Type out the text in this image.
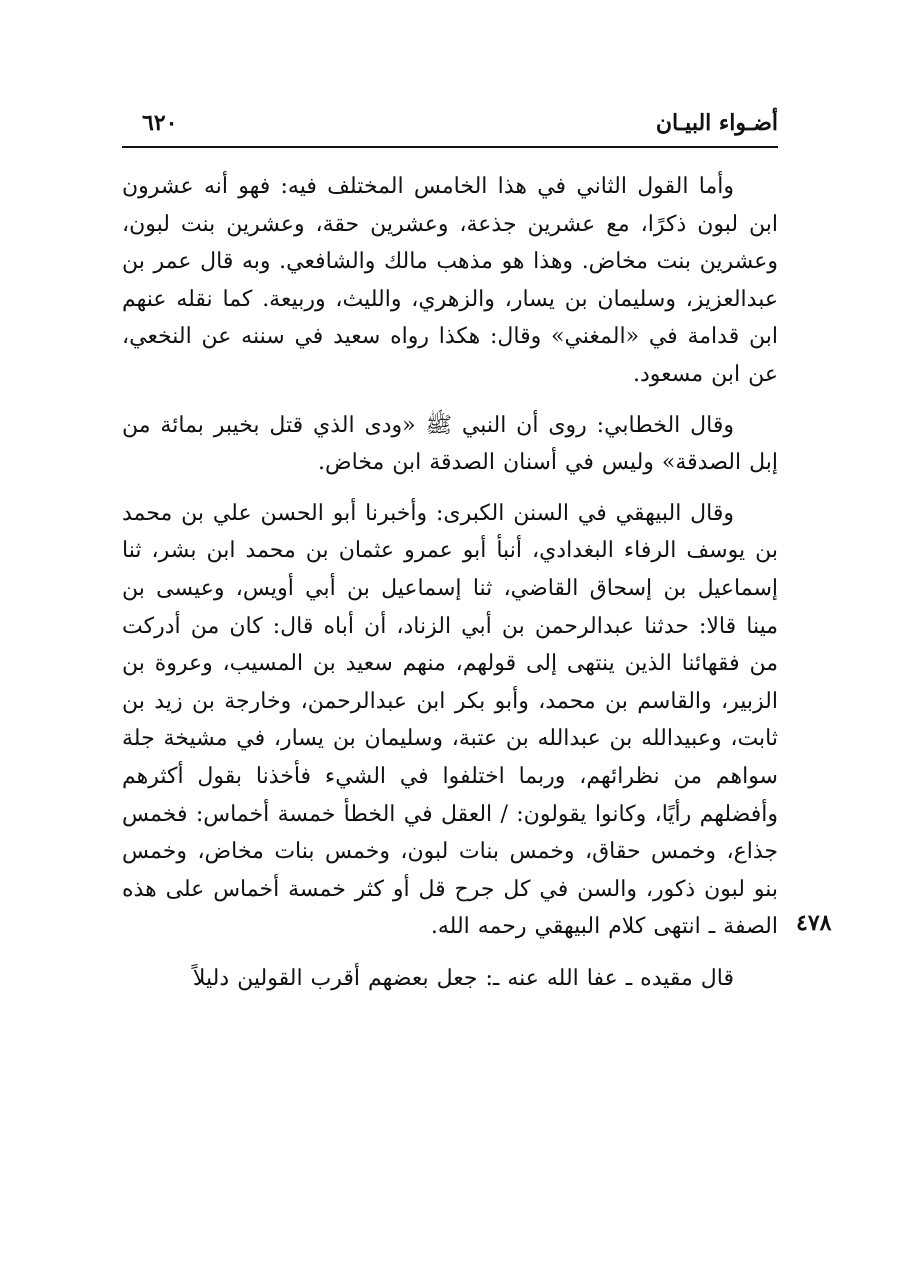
أضـواء البيـان
٦٢٠

وأما القول الثاني في هذا الخامس المختلف فيه: فهو أنه عشرون ابن لبون ذكرًا، مع عشرين جذعة، وعشرين حقة، وعشرين بنت لبون، وعشرين بنت مخاض. وهذا هو مذهب مالك والشافعي. وبه قال عمر بن عبدالعزيز، وسليمان بن يسار، والزهري، والليث، وربيعة. كما نقله عنهم ابن قدامة في «المغني» وقال: هكذا رواه سعيد في سننه عن النخعي، عن ابن مسعود.

وقال الخطابي: روى أن النبي ﷺ «ودى الذي قتل بخيبر بمائة من إبل الصدقة» وليس في أسنان الصدقة ابن مخاض.

وقال البيهقي في السنن الكبرى: وأخبرنا أبو الحسن علي بن محمد بن يوسف الرفاء البغدادي، أنبأ أبو عمرو عثمان بن محمد ابن بشر، ثنا إسماعيل بن إسحاق القاضي، ثنا إسماعيل بن أبي أويس، وعيسى بن مينا قالا: حدثنا عبدالرحمن بن أبي الزناد، أن أباه قال: كان من أدركت من فقهائنا الذين ينتهى إلى قولهم، منهم سعيد بن المسيب، وعروة بن الزبير، والقاسم بن محمد، وأبو بكر ابن عبدالرحمن، وخارجة بن زيد بن ثابت، وعبيدالله بن عبدالله بن عتبة، وسليمان بن يسار، في مشيخة جلة سواهم من نظرائهم، وربما اختلفوا في الشيء فأخذنا بقول أكثرهم وأفضلهم رأيًا، وكانوا يقولون: / العقل في الخطأ خمسة أخماس: فخمس جذاع، وخمس حقاق، وخمس بنات لبون، وخمس بنات مخاض، وخمس بنو لبون ذكور، والسن في كل جرح قل أو كثر خمسة أخماس على هذه الصفة ـ انتهى كلام البيهقي رحمه الله.

قال مقيده ـ عفا الله عنه ـ: جعل بعضهم أقرب القولين دليلاً

٤٧٨
